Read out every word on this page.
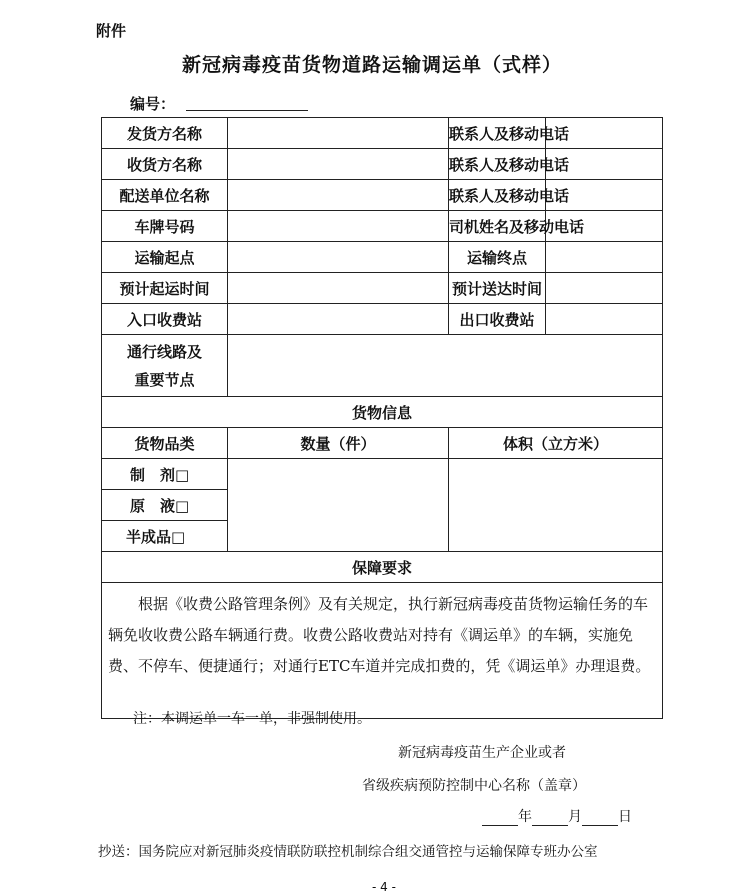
附件
新冠病毒疫苗货物道路运输调运单（式样）
编号：
发货方名称		联系人及移动电话	
收货方名称		联系人及移动电话	
配送单位名称		联系人及移动电话	
车牌号码		司机姓名及移动电话	
运输起点		运输终点	
预计起运时间		预计送达时间	
入口收费站		出口收费站	
通行线路及
重要节点			
货物信息			
货物品类	数量（件）	体积（立方米）	
制　剂□			
原　液□			
半成品□			
保障要求			
根据《收费公路管理条例》及有关规定，执行新冠病毒疫苗货物运输任务的车辆免收收费公路车辆通行费。收费公路收费站对持有《调运单》的车辆，实施免费、不停车、便捷通行；对通行ETC车道并完成扣费的，凭《调运单》办理退费。			
注：本调运单一车一单，非强制使用。
新冠病毒疫苗生产企业或者
省级疾病预防控制中心名称（盖章）
年	月	日
抄送：国务院应对新冠肺炎疫情联防联控机制综合组交通管控与运输保障专班办公室
- 4 -
